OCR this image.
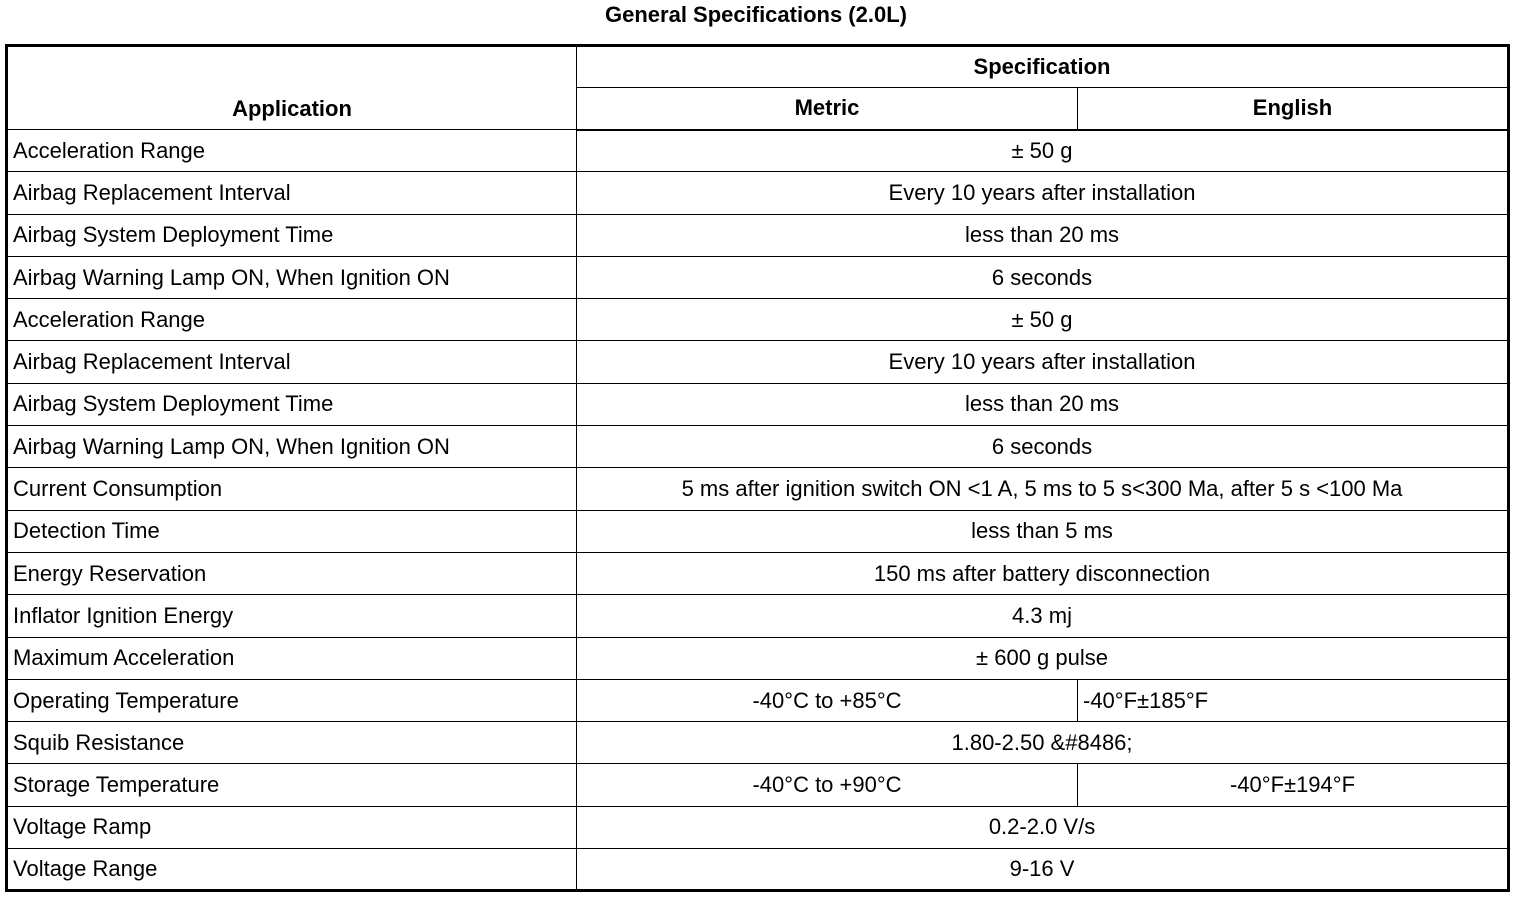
General Specifications (2.0L)
Application	Specification	
	Metric	English
Acceleration Range	± 50 g	
Airbag Replacement Interval	Every 10 years after installation	
Airbag System Deployment Time	less than 20 ms	
Airbag Warning Lamp ON, When Ignition ON	6 seconds	
Acceleration Range	± 50 g	
Airbag Replacement Interval	Every 10 years after installation	
Airbag System Deployment Time	less than 20 ms	
Airbag Warning Lamp ON, When Ignition ON	6 seconds	
Current Consumption	5 ms after ignition switch ON <1 A, 5 ms to 5 s<300 Ma, after 5 s <100 Ma	
Detection Time	less than 5 ms	
Energy Reservation	150 ms after battery disconnection	
Inflator Ignition Energy	4.3 mj	
Maximum Acceleration	± 600 g pulse	
Operating Temperature	-40°C to +85°C	-40°F±185°F
Squib Resistance	1.80-2.50 &#8486;	
Storage Temperature	-40°C to +90°C	-40°F±194°F
Voltage Ramp	0.2-2.0 V/s	
Voltage Range	9-16 V	
